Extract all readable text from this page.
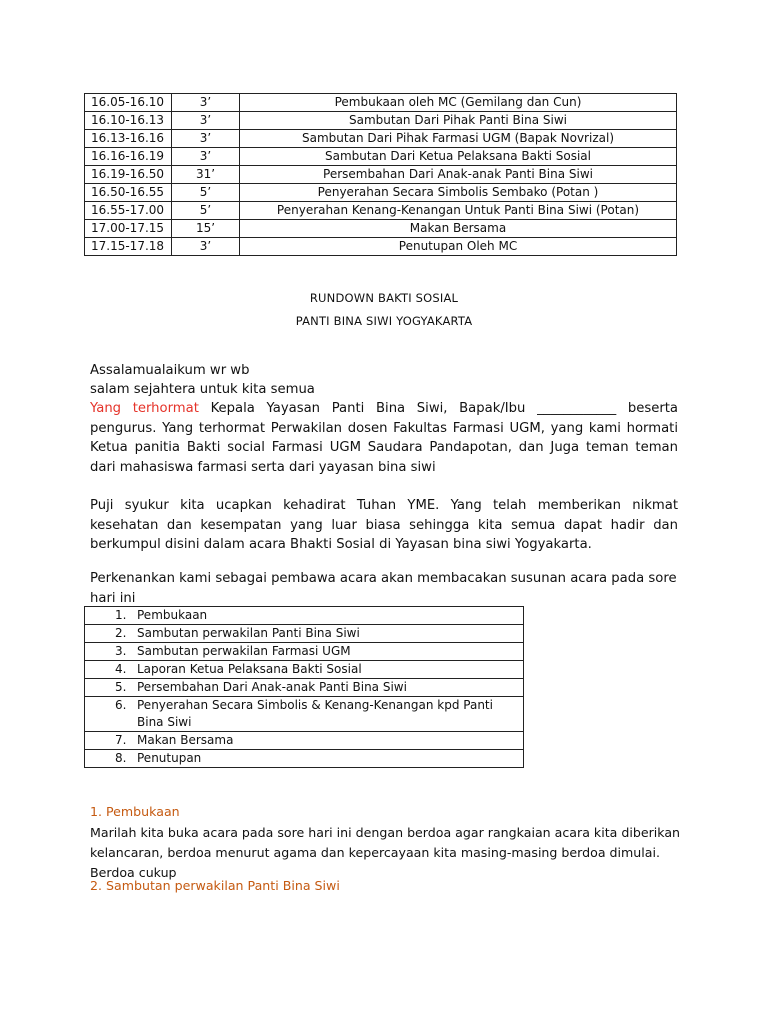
16.05-16.10	3’	Pembukaan oleh MC (Gemilang dan Cun)
16.10-16.13	3’	Sambutan Dari Pihak Panti Bina Siwi
16.13-16.16	3’	Sambutan Dari Pihak Farmasi UGM (Bapak Novrizal)
16.16-16.19	3’	Sambutan Dari Ketua Pelaksana Bakti Sosial
16.19-16.50	31’	Persembahan Dari Anak-anak Panti Bina Siwi
16.50-16.55	5’	Penyerahan Secara Simbolis Sembako (Potan )
16.55-17.00	5’	Penyerahan Kenang-Kenangan Untuk Panti Bina Siwi (Potan)
17.00-17.15	15’	Makan Bersama
17.15-17.18	3’	Penutupan Oleh MC
RUNDOWN BAKTI SOSIAL
PANTI BINA SIWI YOGYAKARTA

Assalamualaikum wr wb

salam sejahtera untuk kita semua

Yang terhormat Kepala Yayasan Panti Bina Siwi, Bapak/Ibu ____________ beserta pengurus. Yang terhormat Perwakilan dosen Fakultas Farmasi UGM, yang kami hormati Ketua panitia Bakti social Farmasi UGM Saudara Pandapotan, dan Juga teman teman dari mahasiswa farmasi serta dari yayasan bina siwi

Puji syukur kita ucapkan kehadirat Tuhan YME. Yang telah memberikan nikmat kesehatan dan kesempatan yang luar biasa sehingga kita semua dapat hadir dan berkumpul disini dalam acara Bhakti Sosial di Yayasan bina siwi Yogyakarta.

Perkenankan kami sebagai pembawa acara akan membacakan susunan acara pada sore hari ini

1. Pembukaan

2. Sambutan perwakilan Panti Bina Siwi

3. Sambutan perwakilan Farmasi UGM

4. Laporan Ketua Pelaksana Bakti Sosial

5. Persembahan Dari Anak-anak Panti Bina Siwi

6. Penyerahan Secara Simbolis & Kenang-Kenangan kpd Panti Bina Siwi

7. Makan Bersama

8. Penutupan
1. Pembukaan

Marilah kita buka acara pada sore hari ini dengan berdoa agar rangkaian acara kita diberikan kelancaran, berdoa menurut agama dan kepercayaan kita masing-masing berdoa dimulai. Berdoa cukup

2. Sambutan perwakilan Panti Bina Siwi
